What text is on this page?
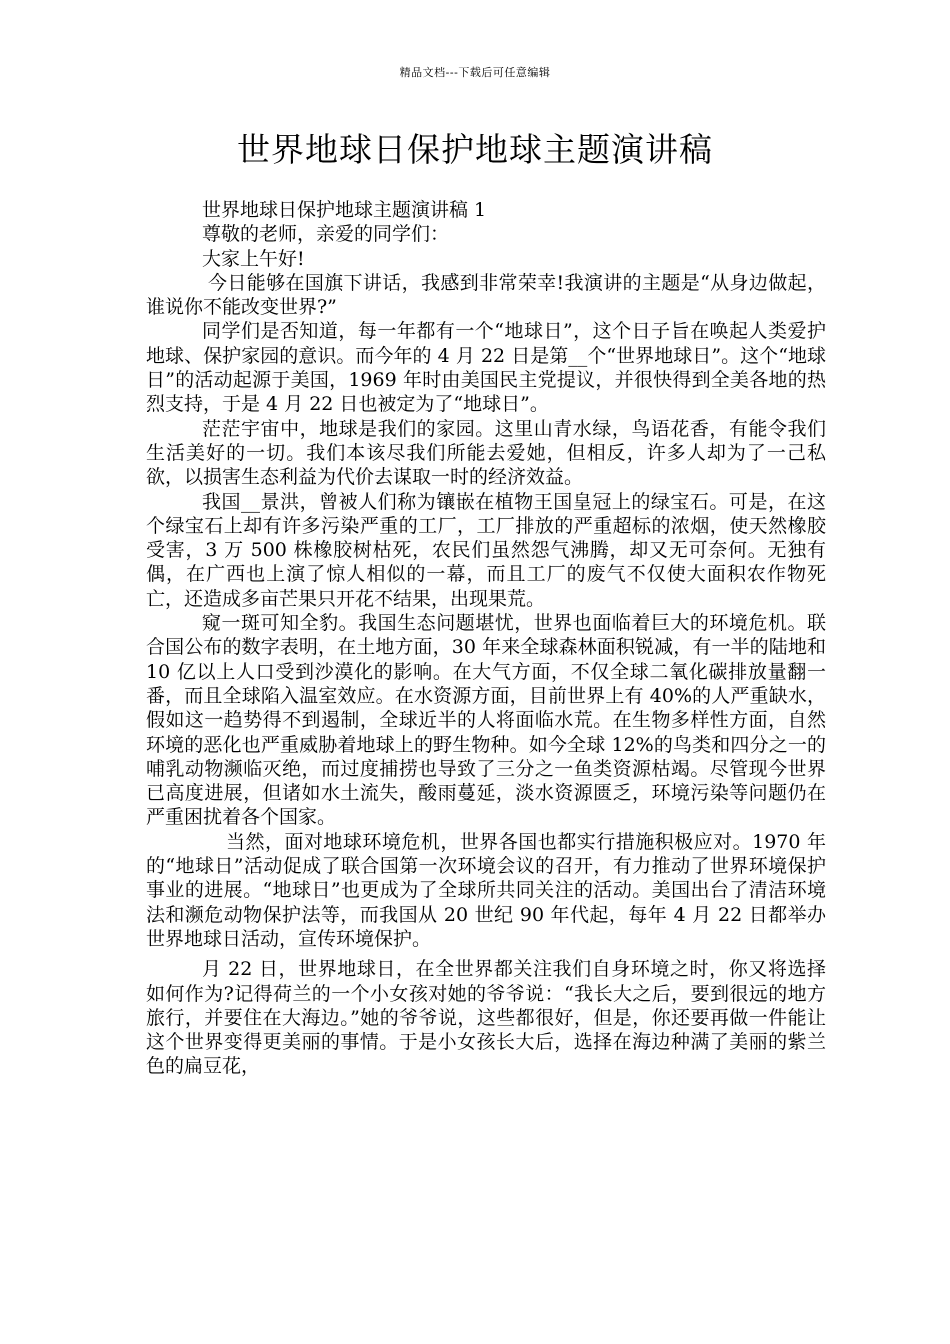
精品文档---下载后可任意编辑
世界地球日保护地球主题演讲稿

世界地球日保护地球主题演讲稿 1

尊敬的老师，亲爱的同学们：

大家上午好!

今日能够在国旗下讲话，我感到非常荣幸!我演讲的主题是“从身边做起，谁说你不能改变世界?”

同学们是否知道，每一年都有一个“地球日”，这个日子旨在唤起人类爱护地球、保护家园的意识。而今年的 4 月 22 日是第__个“世界地球日”。这个“地球日”的活动起源于美国，1969 年时由美国民主党提议，并很快得到全美各地的热烈支持，于是 4 月 22 日也被定为了“地球日”。

茫茫宇宙中，地球是我们的家园。这里山青水绿，鸟语花香，有能令我们生活美好的一切。我们本该尽我们所能去爱她，但相反，许多人却为了一己私欲，以损害生态利益为代价去谋取一时的经济效益。

我国__景洪，曾被人们称为镶嵌在植物王国皇冠上的绿宝石。可是，在这个绿宝石上却有许多污染严重的工厂，工厂排放的严重超标的浓烟，使天然橡胶受害，3 万 500 株橡胶树枯死，农民们虽然怨气沸腾，却又无可奈何。无独有偶，在广西也上演了惊人相似的一幕，而且工厂的废气不仅使大面积农作物死亡，还造成多亩芒果只开花不结果，出现果荒。

窥一斑可知全豹。我国生态问题堪忧，世界也面临着巨大的环境危机。联合国公布的数字表明，在土地方面，30 年来全球森林面积锐减，有一半的陆地和 10 亿以上人口受到沙漠化的影响。在大气方面，不仅全球二氧化碳排放量翻一番，而且全球陷入温室效应。在水资源方面，目前世界上有 40%的人严重缺水，假如这一趋势得不到遏制，全球近半的人将面临水荒。在生物多样性方面，自然环境的恶化也严重威胁着地球上的野生物种。如今全球 12%的鸟类和四分之一的哺乳动物濒临灭绝，而过度捕捞也导致了三分之一鱼类资源枯竭。尽管现今世界已高度进展，但诸如水土流失，酸雨蔓延，淡水资源匮乏，环境污染等问题仍在严重困扰着各个国家。

当然，面对地球环境危机，世界各国也都实行措施积极应对。1970 年的“地球日”活动促成了联合国第一次环境会议的召开，有力推动了世界环境保护事业的进展。“地球日”也更成为了全球所共同关注的活动。美国出台了清洁环境法和濒危动物保护法等，而我国从 20 世纪 90 年代起，每年 4 月 22 日都举办世界地球日活动，宣传环境保护。

月 22 日，世界地球日，在全世界都关注我们自身环境之时，你又将选择如何作为?记得荷兰的一个小女孩对她的爷爷说：“我长大之后，要到很远的地方旅行，并要住在大海边。”她的爷爷说，这些都很好，但是，你还要再做一件能让这个世界变得更美丽的事情。于是小女孩长大后，选择在海边种满了美丽的紫兰色的扁豆花，
